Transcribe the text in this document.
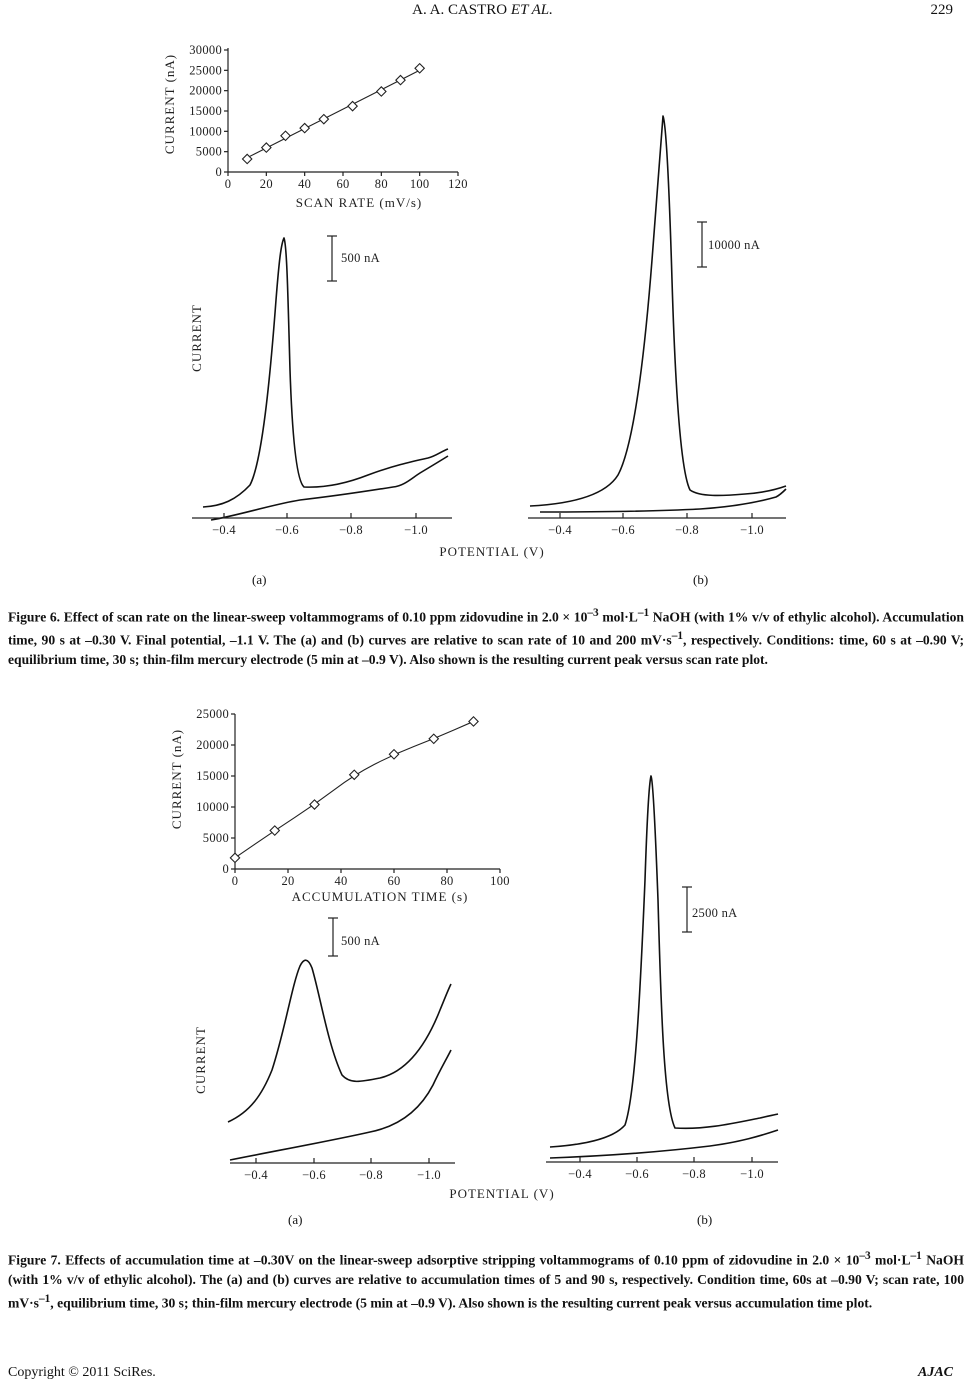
A. A. CASTRO ET AL.	229
0
5000
10000
15000
20000
25000
30000
0 20 40 60 80 100 120
CURRENT (nA)
SCAN RATE (mV/s)
CURRENT
500 nA
−0.4	−0.6	−0.8	−1.0
10000 nA
−0.4	−0.6	−0.8	−1.0
POTENTIAL (V)
(a)	(b)
Figure 6. Effect of scan rate on the linear-sweep voltammograms of 0.10 ppm zidovudine in $2.0 \times 10^{-3}$ $mol\cdot L^{-1}$ NaOH (with 1% v/v of ethylic alcohol). Accumulation time, 90 s at –0.30 V. Final potential, –1.1 V. The (a) and (b) curves are relative to scan rate of 10 and 200 $mV\cdot s^{-1}$, respectively. Conditions: time, 60 s at –0.90 V; equilibrium time, 30 s; thin-film mercury electrode (5 min at –0.9 V). Also shown is the resulting current peak versus scan rate plot.
0
5000
10000
15000
20000
25000
0	20	40	60	80	100
CURRENT (nA)
ACCUMULATION TIME (s)
CURRENT
500 nA
−0.4	−0.6	−0.8	−1.0
2500 nA
−0.4	−0.6	−0.8	−1.0
POTENTIAL (V)
(a)	(b)
Figure 7. Effects of accumulation time at –0.30V on the linear-sweep adsorptive stripping voltammograms of 0.10 ppm of zidovudine in $2.0 \times 10^{-3}$ $mol\cdot L^{-1}$ NaOH (with 1% v/v of ethylic alcohol). The (a) and (b) curves are relative to accumulation times of 5 and 90 s, respectively. Condition time, 60s at –0.90 V; scan rate, 100 $mV\cdot s^{-1}$, equilibrium time, 30 s; thin-film mercury electrode (5 min at –0.9 V). Also shown is the resulting current peak versus accumulation time plot.
Copyright © 2011 SciRes.	AJAC
